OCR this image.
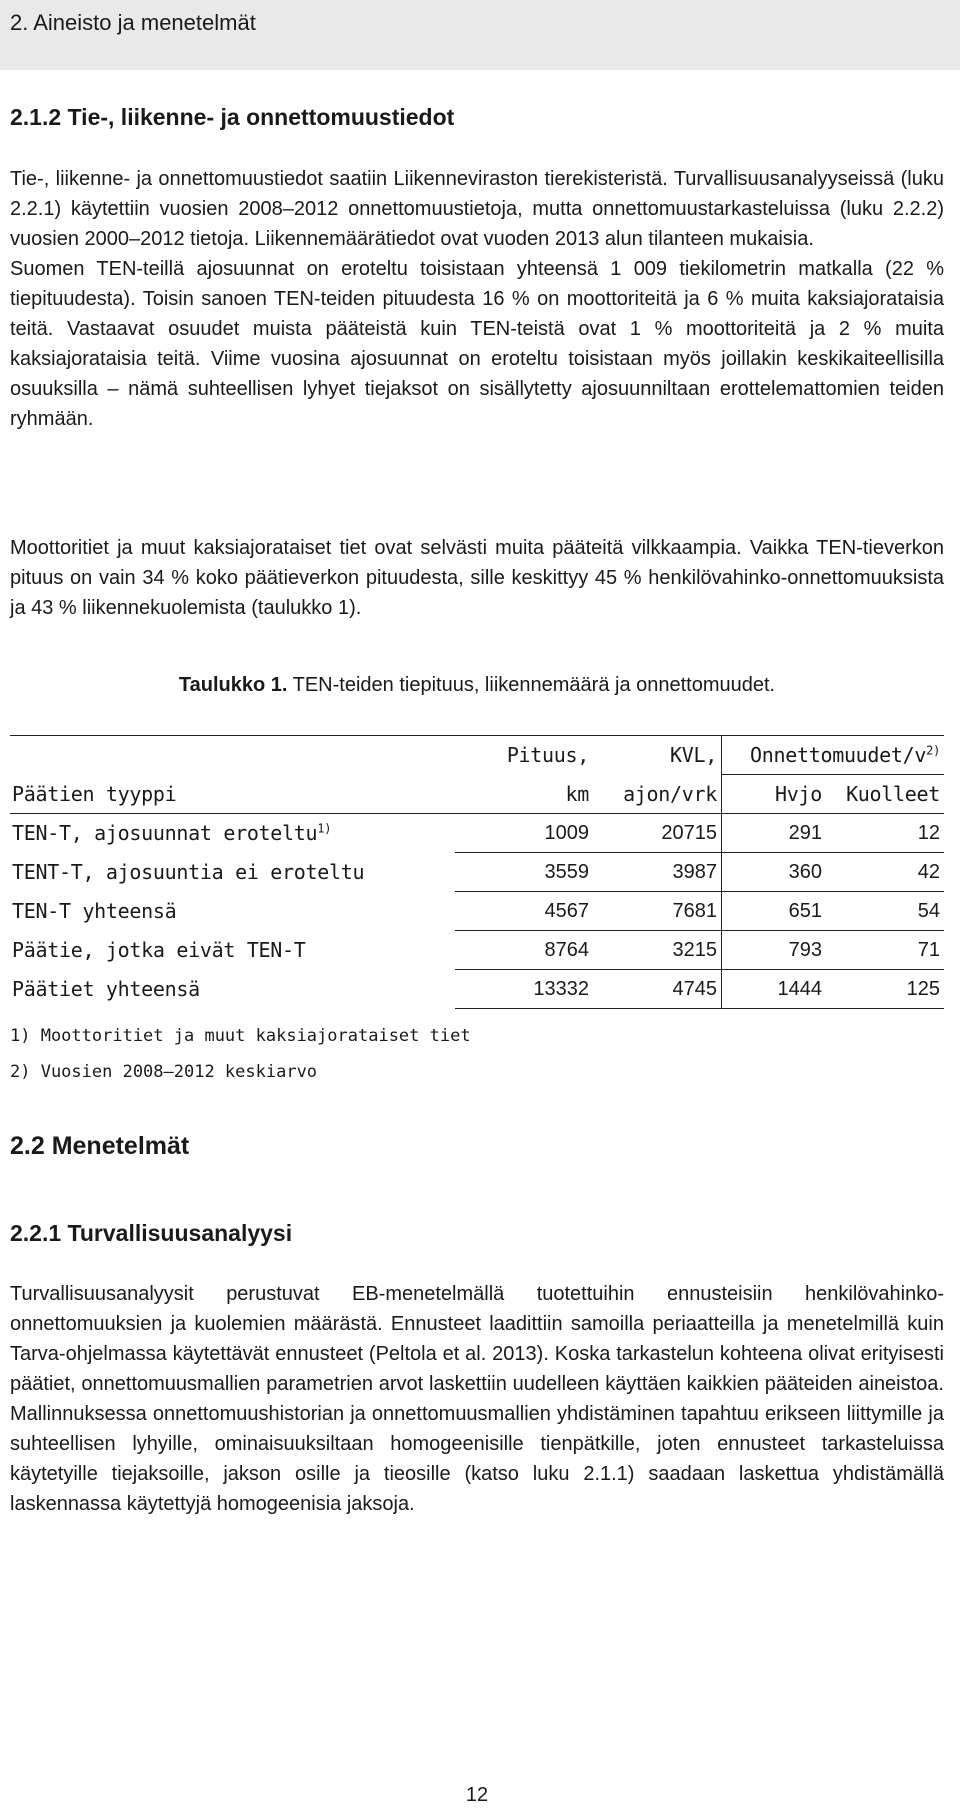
2. Aineisto ja menetelmät
2.1.2 Tie-, liikenne- ja onnettomuustiedot

Tie-, liikenne- ja onnettomuustiedot saatiin Liikenneviraston tierekisteristä. Turvallisuusanalyyseissä (luku 2.2.1) käytettiin vuosien 2008–2012 onnettomuustietoja, mutta onnettomuustarkasteluissa (luku 2.2.2) vuosien 2000–2012 tietoja. Liikennemäärätiedot ovat vuoden 2013 alun tilanteen mukaisia.

Suomen TEN-teillä ajosuunnat on eroteltu toisistaan yhteensä 1 009 tiekilometrin matkalla (22 % tiepituudesta). Toisin sanoen TEN-teiden pituudesta 16 % on moottoriteitä ja 6 % muita kaksiajorataisia teitä. Vastaavat osuudet muista pääteistä kuin TEN-teistä ovat 1 % moottoriteitä ja 2 % muita kaksiajorataisia teitä. Viime vuosina ajosuunnat on eroteltu toisistaan myös joillakin keskikaiteellisilla osuuksilla – nämä suhteellisen lyhyet tiejaksot on sisällytetty ajosuunniltaan erottelemattomien teiden ryhmään.

Moottoritiet ja muut kaksiajorataiset tiet ovat selvästi muita pääteitä vilkkaampia. Vaikka TEN-tieverkon pituus on vain 34 % koko päätieverkon pituudesta, sille keskittyy 45 % henkilövahinko-onnettomuuksista ja 43 % liikennekuolemista (taulukko 1).

Taulukko 1. TEN-teiden tiepituus, liikennemäärä ja onnettomuudet.
	Pituus,	KVL,	Onnettomuudet/$v^{2)}$
Päätien tyyppi	km	ajon/vrk	Hvjo	Kuolleet
TEN-T, ajosuunnat eroteltu$^{1)}$	1009	20715	291	12
TENT-T, ajosuuntia ei eroteltu	3559	3987	360	42
TEN-T yhteensä	4567	7681	651	54
Päätie, jotka eivät TEN-T	8764	3215	793	71
Päätiet yhteensä	13332	4745	1444	125
1) Moottoritiet ja muut kaksiajorataiset tiet
2) Vuosien 2008–2012 keskiarvo
2.2 Menetelmät
2.2.1 Turvallisuusanalyysi

Turvallisuusanalyysit perustuvat EB-menetelmällä tuotettuihin ennusteisiin henkilövahinko-onnettomuuksien ja kuolemien määrästä. Ennusteet laadittiin samoilla periaatteilla ja menetelmillä kuin Tarva-ohjelmassa käytettävät ennusteet (Peltola et al. 2013). Koska tarkastelun kohteena olivat erityisesti päätiet, onnettomuusmallien parametrien arvot laskettiin uudelleen käyttäen kaikkien pääteiden aineistoa. Mallinnuksessa onnettomuushistorian ja onnettomuusmallien yhdistäminen tapahtuu erikseen liittymille ja suhteellisen lyhyille, ominaisuuksiltaan homogeenisille tienpätkille, joten ennusteet tarkasteluissa käytetyille tiejaksoille, jakson osille ja tieosille (katso luku 2.1.1) saadaan laskettua yhdistämällä laskennassa käytettyjä homogeenisia jaksoja.

12
